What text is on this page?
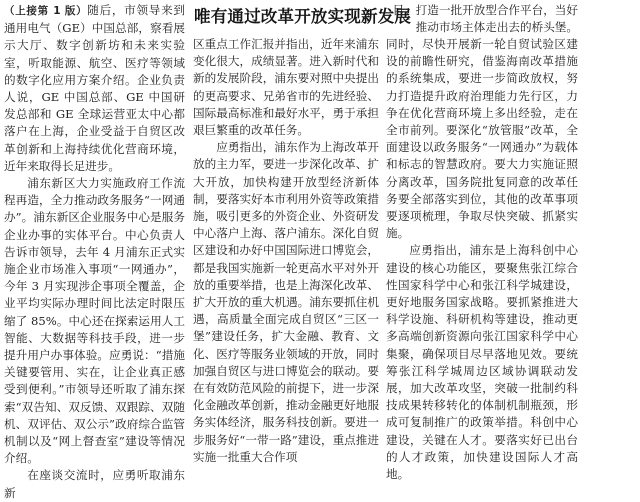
唯有通过改革开放实现新发展

（上接第 1 版）随后，市领导来到通用电气（GE）中国总部，察看展示大厅、数字创新坊和未来实验室，听取能源、航空、医疗等领域的数字化应用方案介绍。企业负责人说，GE 中国总部、GE 中国研发总部和 GE 全球运营亚太中心都落户在上海，企业受益于自贸区改革创新和上海持续优化营商环境，近年来取得长足进步。

浦东新区大力实施政府工作流程再造，全力推动政务服务“一网通办”。浦东新区企业服务中心是服务企业办事的实体平台。中心负责人告诉市领导，去年 4 月浦东正式实施企业市场准入事项“一网通办”，今年 3 月实现涉企事项全覆盖，企业平均实际办理时间比法定时限压缩了 85%。中心还在探索运用人工智能、大数据等科技手段，进一步提升用户办事体验。应勇说：“措施关键要管用、实在，让企业真正感受到便利。”市领导还听取了浦东探索“双告知、双反馈、双跟踪、双随机、双评估、双公示”政府综合监管机制以及“网上督查室”建设等情况介绍。

在座谈交流时，应勇听取浦东新

区重点工作汇报并指出，近年来浦东变化很大，成绩显著。进入新时代和新的发展阶段，浦东要对照中央提出的更高要求、兄弟省市的先进经验、国际最高标准和最好水平，勇于承担艰巨繁重的改革任务。

应勇指出，浦东作为上海改革开放的主力军，要进一步深化改革、扩大开放，加快构建开放型经济新体制，要落实好本市利用外资等政策措施，吸引更多的外资企业、外资研发中心落户上海、落户浦东。深化自贸区建设和办好中国国际进口博览会，都是我国实施新一轮更高水平对外开放的重要举措，也是上海深化改革、扩大开放的重大机遇。浦东要抓住机遇，高质量全面完成自贸区“三区一堡”建设任务，扩大金融、教育、文化、医疗等服务业领域的开放，同时加强自贸区与进口博览会的联动。要在有效防范风险的前提下，进一步深化金融改革创新，推动金融更好地服务实体经济，服务科技创新。要进一步服务好“一带一路”建设，重点推进实施一批重大合作项

目，打造一批开放型合作平台，当好推动市场主体走出去的桥头堡。

同时，尽快开展新一轮自贸试验区建设的前瞻性研究，借鉴海南改革措施的系统集成，要进一步简政放权，努力打造提升政府治理能力先行区，力争在优化营商环境上多出经验，走在全市前列。要深化“放管服”改革，全面建设以政务服务“一网通办”为载体和标志的智慧政府。要大力实施证照分离改革，国务院批复同意的改革任务要全部落实到位，其他的改革事项要逐项梳理，争取尽快突破、抓紧实施。

应勇指出，浦东是上海科创中心建设的核心功能区，要聚焦张江综合性国家科学中心和张江科学城建设，更好地服务国家战略。要抓紧推进大科学设施、科研机构等建设，推动更多高端创新资源向张江国家科学中心集聚，确保项目尽早落地见效。要统筹张江科学城周边区域协调联动发展，加大改革攻坚，突破一批制约科技成果转移转化的体制机制瓶颈，形成可复制推广的政策举措。科创中心建设，关键在人才。要落实好已出台的人才政策，加快建设国际人才高地。
